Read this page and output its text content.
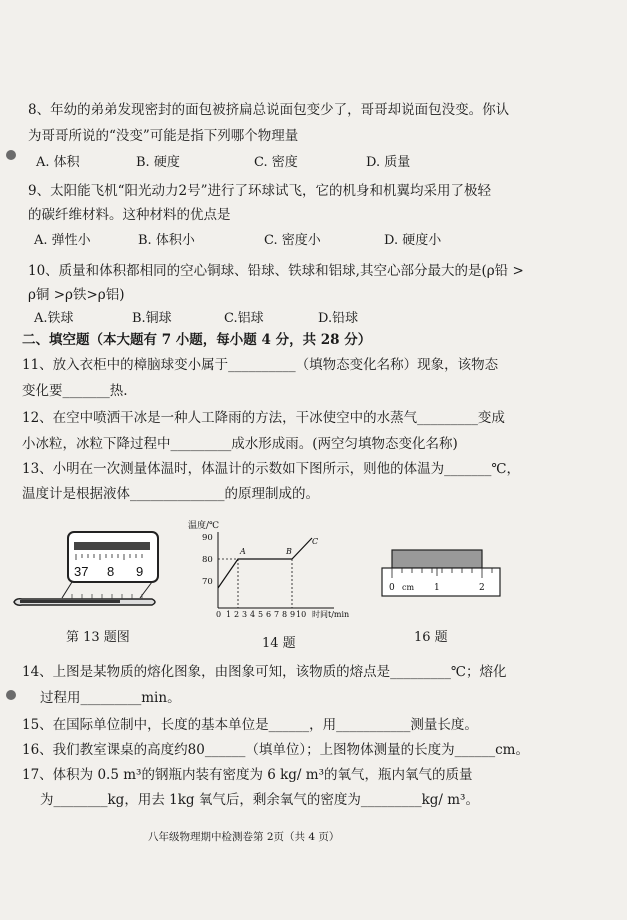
8、年幼的弟弟发现密封的面包被挤扁总说面包变少了，哥哥却说面包没变。你认
为哥哥所说的“没变”可能是指下列哪个物理量
A. 体积	B. 硬度	C. 密度	D. 质量
9、太阳能飞机“阳光动力2号”进行了环球试飞，它的机身和机翼均采用了极轻
的碳纤维材料。这种材料的优点是
A. 弹性小	B. 体积小	C. 密度小	D. 硬度小
10、质量和体积都相同的空心铜球、铅球、铁球和铝球,其空心部分最大的是(ρ铅 >
ρ铜 >ρ铁>ρ铝)
A.铁球	B.铜球	C.铝球	D.铅球
二、填空题（本大题有 7 小题，每小题 4 分，共 28 分）
11、放入衣柜中的樟脑球变小属于__________（填物态变化名称）现象，该物态
变化要_______热.
12、在空中喷洒干冰是一种人工降雨的方法，干冰使空中的水蒸气_________变成
小冰粒，冰粒下降过程中_________成水形成雨。(两空匀填物态变化名称)
13、小明在一次测量体温时，体温计的示数如下图所示，则他的体温为_______℃，
温度计是根据液体______________的原理制成的。
37 8 9
第 13 题图
温度/℃
90
80
70
A	B
C
0 1 2 3 4 5 6 7 8 9 10 时间t/min
14 题
0 cm 1	2
16 题
14、上图是某物质的熔化图象，由图象可知，该物质的熔点是_________℃；熔化
过程用_________min。
15、在国际单位制中，长度的基本单位是______，用___________测量长度。
16、我们教室课桌的高度约80______（填单位）；上图物体测量的长度为______cm。
17、体积为 0.5 m³的钢瓶内装有密度为 6 kg/ m³的氧气，瓶内氧气的质量
为________kg，用去 1kg 氧气后，剩余氧气的密度为_________kg/ m³。
八年级物理期中检测卷第 2页（共 4 页）
